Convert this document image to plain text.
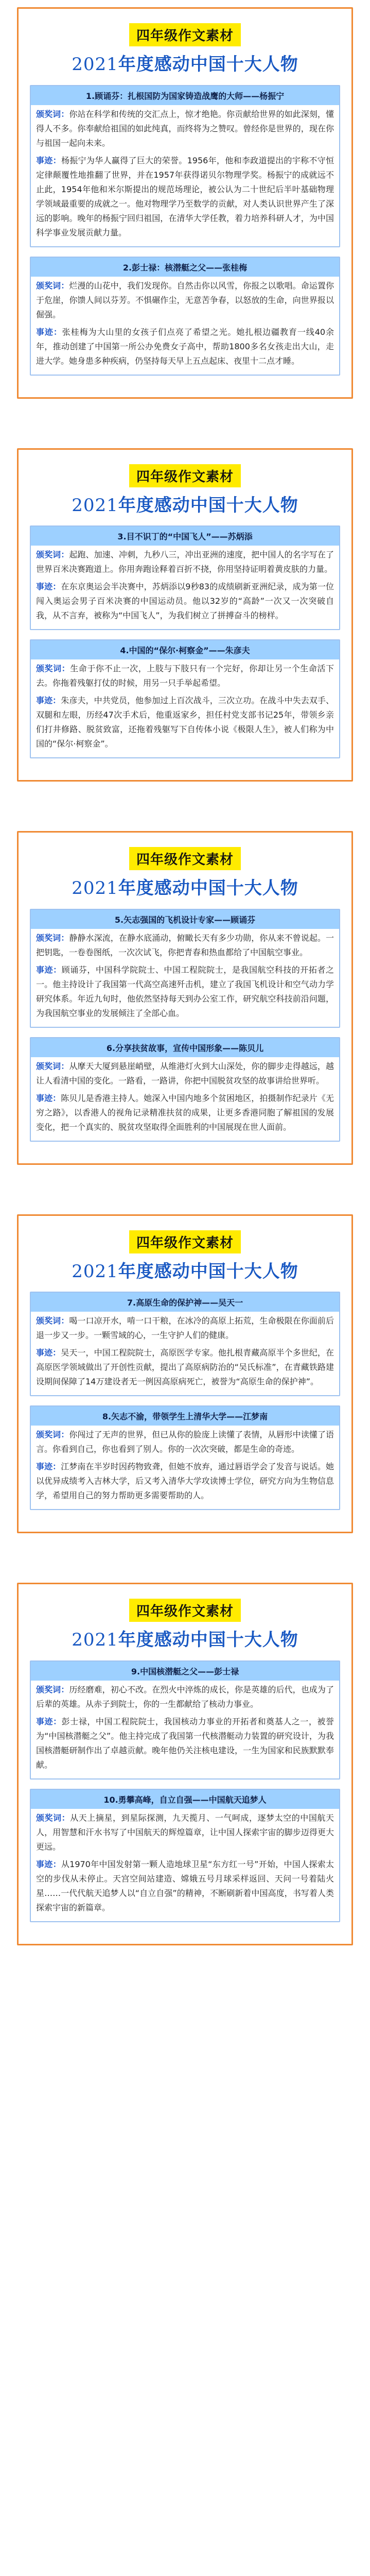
四年级作文素材
2021年度感动中国十大人物
1.顾诵芬：扎根国防为国家铸造战鹰的大师——杨振宁

颁奖词：你站在科学和传统的交汇点上，惊才绝艳。你贡献给世界的如此深刻，懂得人不多。你奉献给祖国的如此纯真，而终将为之赞叹。曾经你是世界的，现在你与祖国一起向未来。

事迹：杨振宁为华人赢得了巨大的荣誉。1956年，他和李政道提出的宇称不守恒定律颠覆性地推翻了世界，并在1957年获得诺贝尔物理学奖。杨振宁的成就远不止此，1954年他和米尔斯提出的规范场理论，被公认为二十世纪后半叶基础物理学领域最重要的成就之一。他对物理学乃至数学的贡献，对人类认识世界产生了深远的影响。晚年的杨振宁回归祖国，在清华大学任教，着力培养科研人才，为中国科学事业发展贡献力量。

2.彭士禄：核潜艇之父——张桂梅

颁奖词：烂漫的山花中，我们发现你。自然击你以风雪，你报之以歌唱。命运置你于危崖，你馈人间以芬芳。不惧碾作尘，无意苦争春，以怒放的生命，向世界报以倔强。

事迹：张桂梅为大山里的女孩子们点亮了希望之光。她扎根边疆教育一线40余年，推动创建了中国第一所公办免费女子高中，帮助1800多名女孩走出大山，走进大学。她身患多种疾病，仍坚持每天早上五点起床、夜里十二点才睡。

四年级作文素材
2021年度感动中国十大人物
3.目不识丁的“中国飞人”——苏炳添

颁奖词：起跑、加速、冲刺，九秒八三，冲出亚洲的速度，把中国人的名字写在了世界百米决赛跑道上。你用奔跑诠释着百折不挠，你用坚持证明着黄皮肤的力量。

事迹：在东京奥运会半决赛中，苏炳添以9秒83的成绩刷新亚洲纪录，成为第一位闯入奥运会男子百米决赛的中国运动员。他以32岁的“高龄”一次又一次突破自我，从不言弃，被称为“中国飞人”，为我们树立了拼搏奋斗的榜样。

4.中国的“保尔·柯察金”——朱彦夫

颁奖词：生命于你不止一次，上肢与下肢只有一个完好，你却让另一个生命活下去。你拖着残躯打仗的时候，用另一只手举起希望。

事迹：朱彦夫，中共党员，他参加过上百次战斗，三次立功。在战斗中失去双手、双腿和左眼，历经47次手术后，他重返家乡，担任村党支部书记25年，带领乡亲们打井修路、脱贫致富，还拖着残躯写下自传体小说《极限人生》，被人们称为中国的“保尔·柯察金”。

四年级作文素材
2021年度感动中国十大人物
5.矢志强国的飞机设计专家——顾诵芬

颁奖词：静静水深流，在静水底涌动，俯瞰长天有多少功勋，你从来不曾说起。一把钥匙，一卷卷图纸，一次次试飞，你把青春和热血都给了中国航空事业。

事迹：顾诵芬，中国科学院院士、中国工程院院士，是我国航空科技的开拓者之一。他主持设计了我国第一代高空高速歼击机，建立了我国飞机设计和空气动力学研究体系。年近九旬时，他依然坚持每天到办公室工作，研究航空科技前沿问题，为我国航空事业的发展倾注了全部心血。

6.分享扶贫故事，宣传中国形象——陈贝儿

颁奖词：从摩天大厦到悬崖峭壁，从维港灯火到大山深处，你的脚步走得越远，越让人看清中国的变化。一路看，一路讲，你把中国脱贫攻坚的故事讲给世界听。

事迹：陈贝儿是香港主持人。她深入中国内地多个贫困地区，拍摄制作纪录片《无穷之路》，以香港人的视角记录精准扶贫的成果，让更多香港同胞了解祖国的发展变化，把一个真实的、脱贫攻坚取得全面胜利的中国展现在世人面前。

四年级作文素材
2021年度感动中国十大人物
7.高原生命的保护神——吴天一

颁奖词：喝一口凉开水，啃一口干粮，在冰冷的高原上拓荒，生命极限在你面前后退一步又一步。一颗雪域的心，一生守护人们的健康。

事迹：吴天一，中国工程院院士，高原医学专家。他扎根青藏高原半个多世纪，在高原医学领域做出了开创性贡献，提出了高原病防治的“吴氏标准”，在青藏铁路建设期间保障了14万建设者无一例因高原病死亡，被誉为“高原生命的保护神”。

8.矢志不渝，带领学生上清华大学——江梦南

颁奖词：你闯过了无声的世界，但已从你的脸庞上读懂了表情，从唇形中读懂了语言。你看到自己，你也看到了别人。你的一次次突破，都是生命的奇迹。

事迹：江梦南在半岁时因药物致聋，但她不放弃，通过唇语学会了发音与说话。她以优异成绩考入吉林大学，后又考入清华大学攻读博士学位，研究方向为生物信息学，希望用自己的努力帮助更多需要帮助的人。

四年级作文素材
2021年度感动中国十大人物
9.中国核潜艇之父——彭士禄

颁奖词：历经磨难，初心不改。在烈火中淬炼的成长，你是英雄的后代，也成为了后辈的英雄。从赤子到院士，你的一生都献给了核动力事业。

事迹：彭士禄，中国工程院院士，我国核动力事业的开拓者和奠基人之一，被誉为“中国核潜艇之父”。他主持完成了我国第一代核潜艇动力装置的研究设计，为我国核潜艇研制作出了卓越贡献。晚年他仍关注核电建设，一生为国家和民族默默奉献。

10.勇攀高峰，自立自强——中国航天追梦人

颁奖词：从天上摘星，到星际探测，九天揽月、一气呵成，逐梦太空的中国航天人，用智慧和汗水书写了中国航天的辉煌篇章，让中国人探索宇宙的脚步迈得更大更远。

事迹：从1970年中国发射第一颗人造地球卫星“东方红一号”开始，中国人探索太空的步伐从未停止。天宫空间站建造、嫦娥五号月球采样返回、天问一号着陆火星……一代代航天追梦人以“自立自强”的精神，不断刷新着中国高度，书写着人类探索宇宙的新篇章。
